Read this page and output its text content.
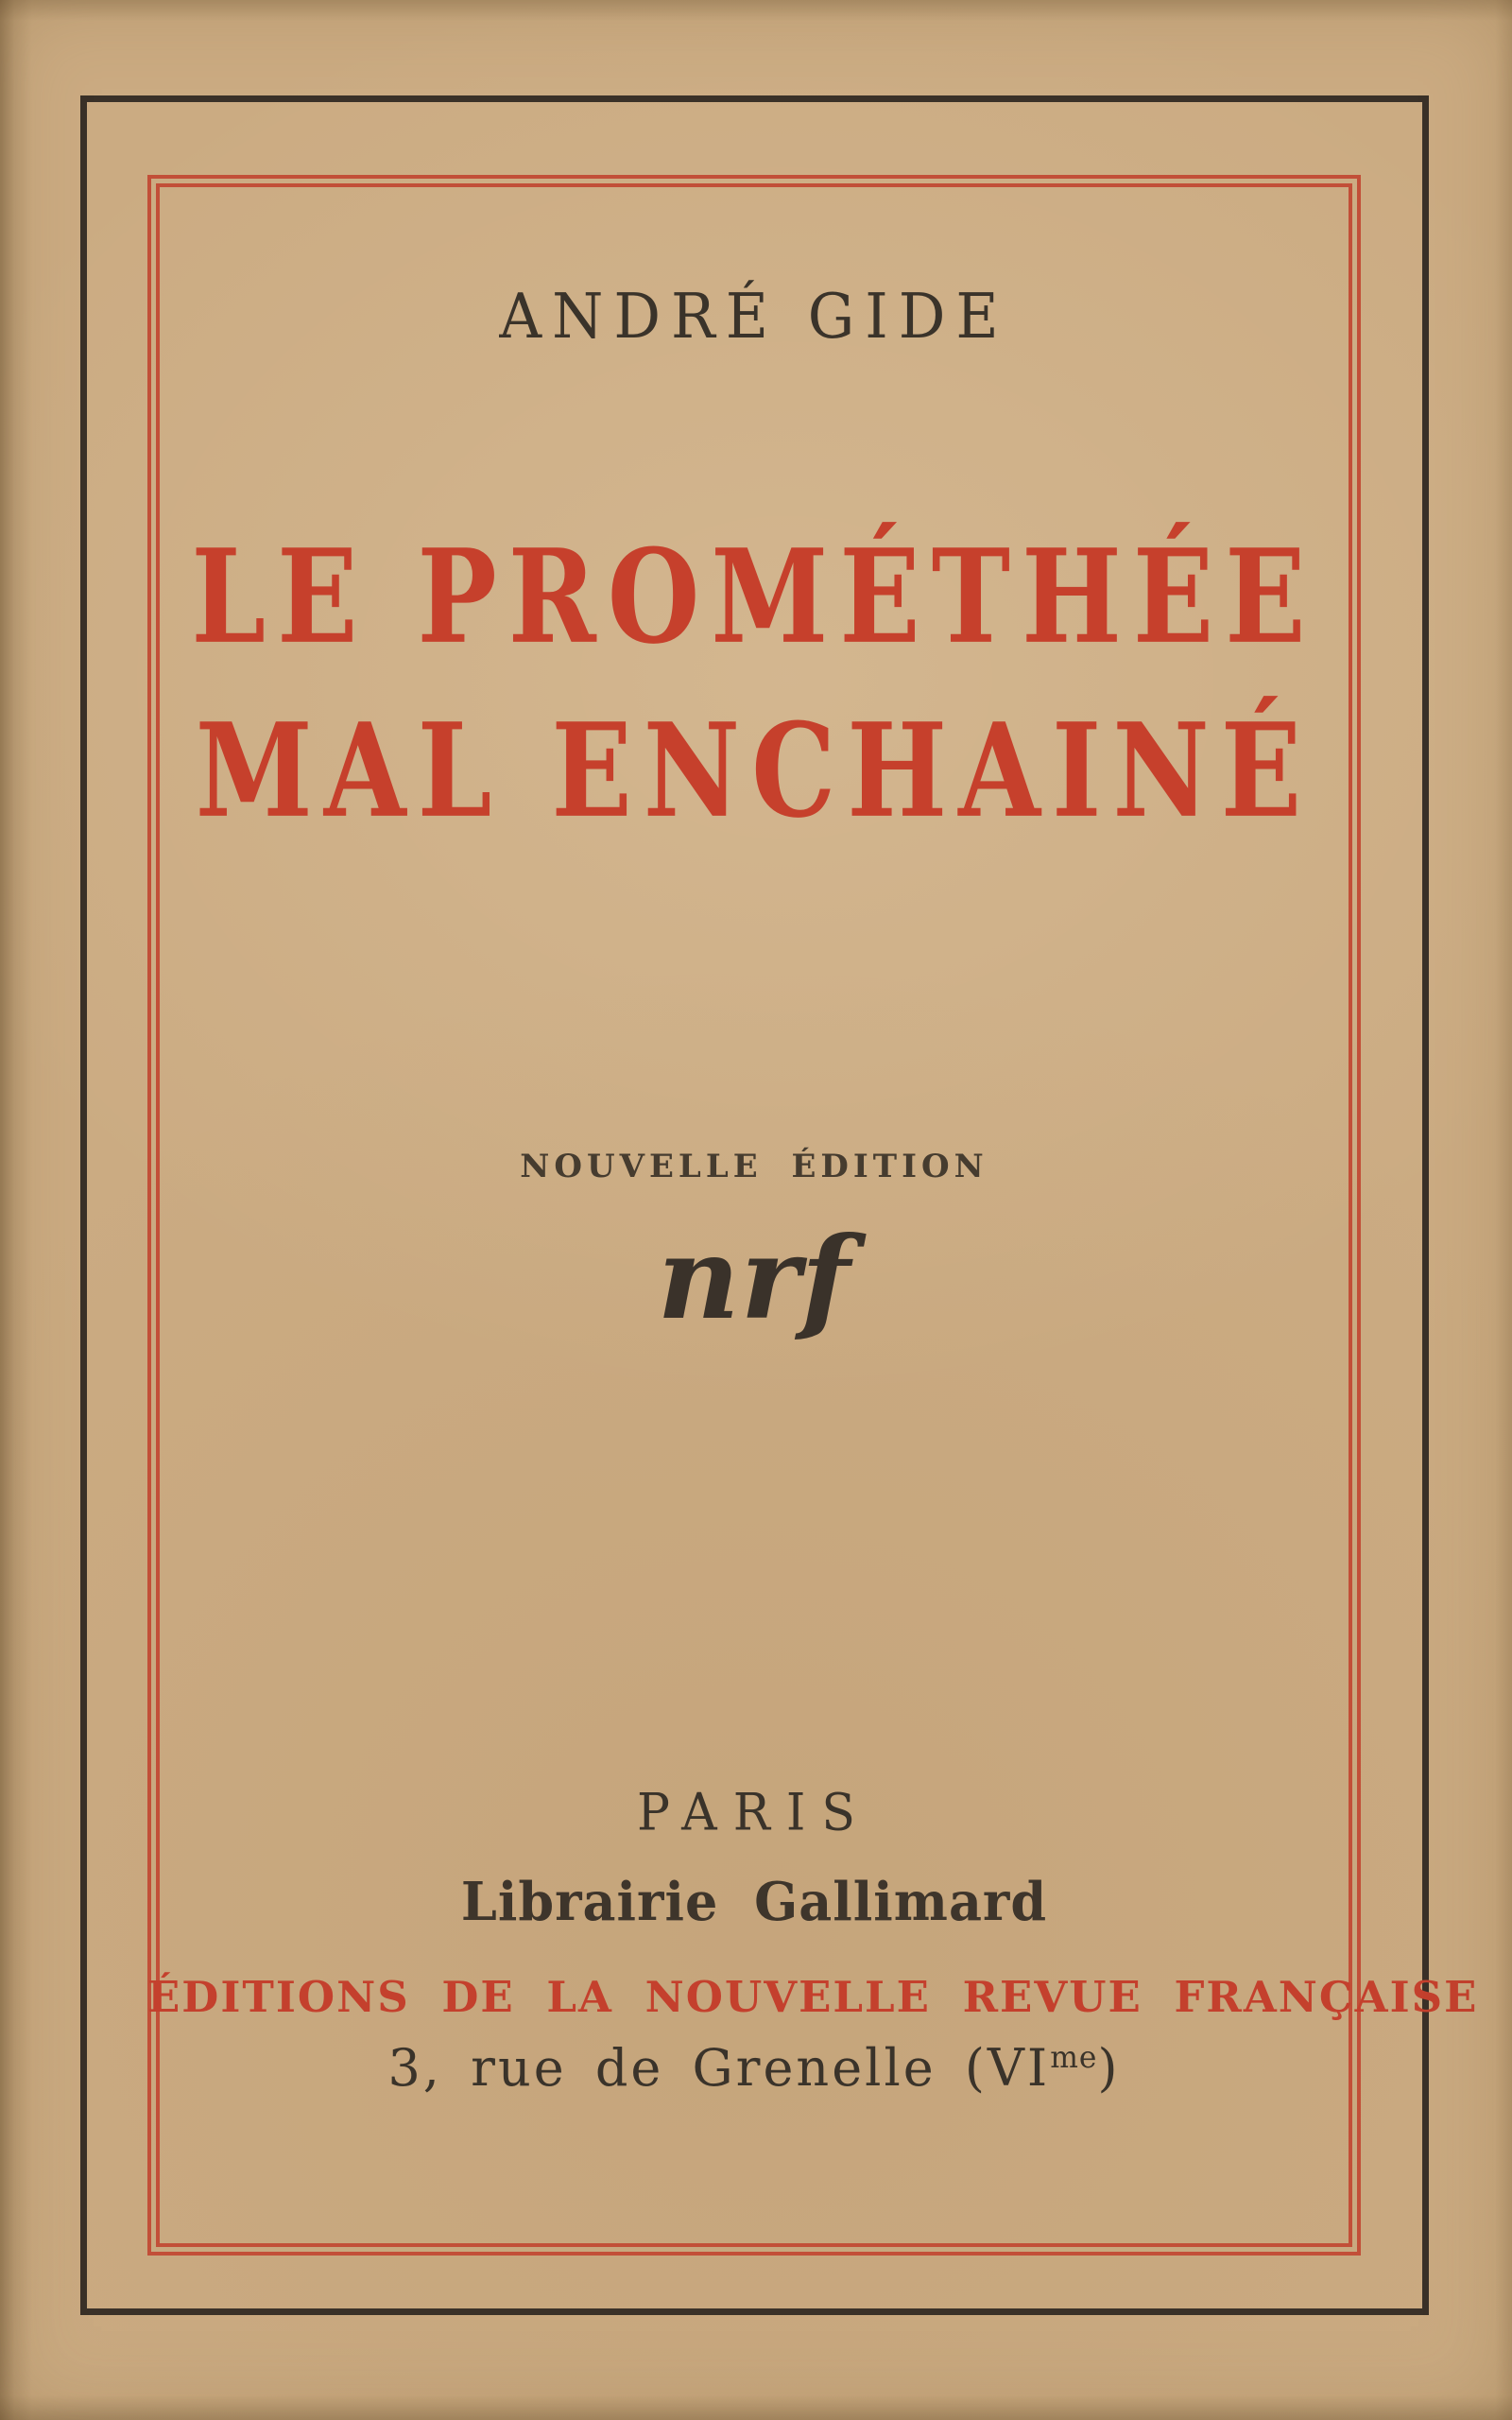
ANDRÉ GIDE
LE PROMÉTHÉE
MAL ENCHAINÉ
NOUVELLE ÉDITION
nrf
PARIS
Librairie Gallimard
ÉDITIONS DE LA NOUVELLE REVUE FRANÇAISE
3, rue de Grenelle $(VI^{me})$
